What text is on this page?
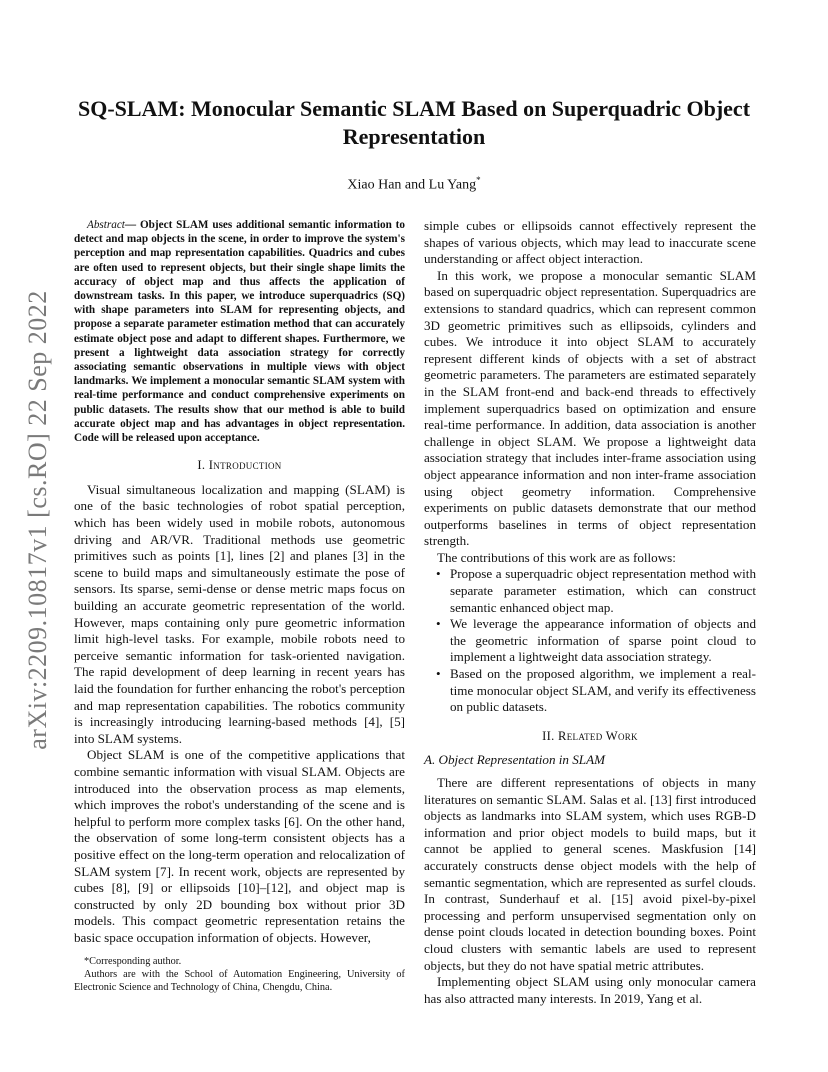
arXiv:2209.10817v1 [cs.RO] 22 Sep 2022
SQ-SLAM: Monocular Semantic SLAM Based on Superquadric Object Representation
Xiao Han and Lu Yang*

Abstract— Object SLAM uses additional semantic information to detect and map objects in the scene, in order to improve the system's perception and map representation capabilities. Quadrics and cubes are often used to represent objects, but their single shape limits the accuracy of object map and thus affects the application of downstream tasks. In this paper, we introduce superquadrics (SQ) with shape parameters into SLAM for representing objects, and propose a separate parameter estimation method that can accurately estimate object pose and adapt to different shapes. Furthermore, we present a lightweight data association strategy for correctly associating semantic observations in multiple views with object landmarks. We implement a monocular semantic SLAM system with real-time performance and conduct comprehensive experiments on public datasets. The results show that our method is able to build accurate object map and has advantages in object representation. Code will be released upon acceptance.

I. Introduction

Visual simultaneous localization and mapping (SLAM) is one of the basic technologies of robot spatial perception, which has been widely used in mobile robots, autonomous driving and AR/VR. Traditional methods use geometric primitives such as points [1], lines [2] and planes [3] in the scene to build maps and simultaneously estimate the pose of sensors. Its sparse, semi-dense or dense metric maps focus on building an accurate geometric representation of the world. However, maps containing only pure geometric information limit high-level tasks. For example, mobile robots need to perceive semantic information for task-oriented navigation. The rapid development of deep learning in recent years has laid the foundation for further enhancing the robot's perception and map representation capabilities. The robotics community is increasingly introducing learning-based methods [4], [5] into SLAM systems.

Object SLAM is one of the competitive applications that combine semantic information with visual SLAM. Objects are introduced into the observation process as map elements, which improves the robot's understanding of the scene and is helpful to perform more complex tasks [6]. On the other hand, the observation of some long-term consistent objects has a positive effect on the long-term operation and relocalization of SLAM system [7]. In recent work, objects are represented by cubes [8], [9] or ellipsoids [10]–[12], and object map is constructed by only 2D bounding box without prior 3D models. This compact geometric representation retains the basic space occupation information of objects. However,

simple cubes or ellipsoids cannot effectively represent the shapes of various objects, which may lead to inaccurate scene understanding or affect object interaction.

In this work, we propose a monocular semantic SLAM based on superquadric object representation. Superquadrics are extensions to standard quadrics, which can represent common 3D geometric primitives such as ellipsoids, cylinders and cubes. We introduce it into object SLAM to accurately represent different kinds of objects with a set of abstract geometric parameters. The parameters are estimated separately in the SLAM front-end and back-end threads to effectively implement superquadrics based on optimization and ensure real-time performance. In addition, data association is another challenge in object SLAM. We propose a lightweight data association strategy that includes inter-frame association using object appearance information and non inter-frame association using object geometry information. Comprehensive experiments on public datasets demonstrate that our method outperforms baselines in terms of object representation strength.

The contributions of this work are as follows:

• Propose a superquadric object representation method with separate parameter estimation, which can construct semantic enhanced object map.
• We leverage the appearance information of objects and the geometric information of sparse point cloud to implement a lightweight data association strategy.
• Based on the proposed algorithm, we implement a real-time monocular object SLAM, and verify its effectiveness on public datasets.
II. Related Work
A. Object Representation in SLAM

There are different representations of objects in many literatures on semantic SLAM. Salas et al. [13] first introduced objects as landmarks into SLAM system, which uses RGB-D information and prior object models to build maps, but it cannot be applied to general scenes. Maskfusion [14] accurately constructs dense object models with the help of semantic segmentation, which are represented as surfel clouds. In contrast, Sunderhauf et al. [15] avoid pixel-by-pixel processing and perform unsupervised segmentation only on dense point clouds located in detection bounding boxes. Point cloud clusters with semantic labels are used to represent objects, but they do not have spatial metric attributes.

Implementing object SLAM using only monocular camera has also attracted many interests. In 2019, Yang et al.

*Corresponding author.

Authors are with the School of Automation Engineering, University of Electronic Science and Technology of China, Chengdu, China.
